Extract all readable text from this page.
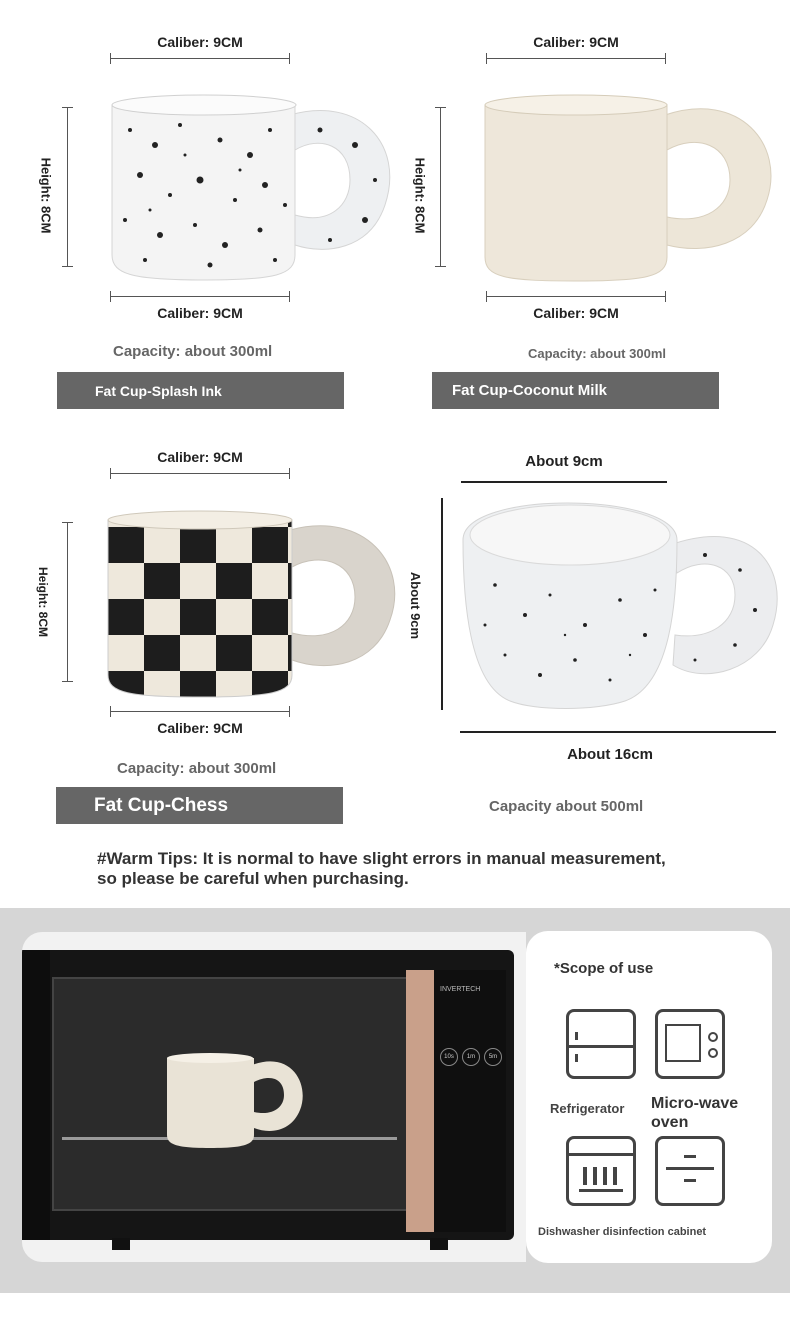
Caliber: 9CM
Height: 8CM
Caliber: 9CM
Capacity: about 300ml
Fat Cup-Splash Ink
Caliber: 9CM
Height: 8CM
Caliber: 9CM
Capacity: about 300ml
Fat Cup-Coconut Milk
Caliber: 9CM
Height: 8CM
Caliber: 9CM
Capacity: about 300ml
Fat Cup-Chess
About 9cm
About 9cm
About 16cm
Capacity about 500ml
#Warm Tips: It is normal to have slight errors in manual measurement,
so please be careful when purchasing.
INVERTECH
10s	1m	5m
*Scope of use
Refrigerator Micro-wave oven
Dishwasher disinfection cabinet
